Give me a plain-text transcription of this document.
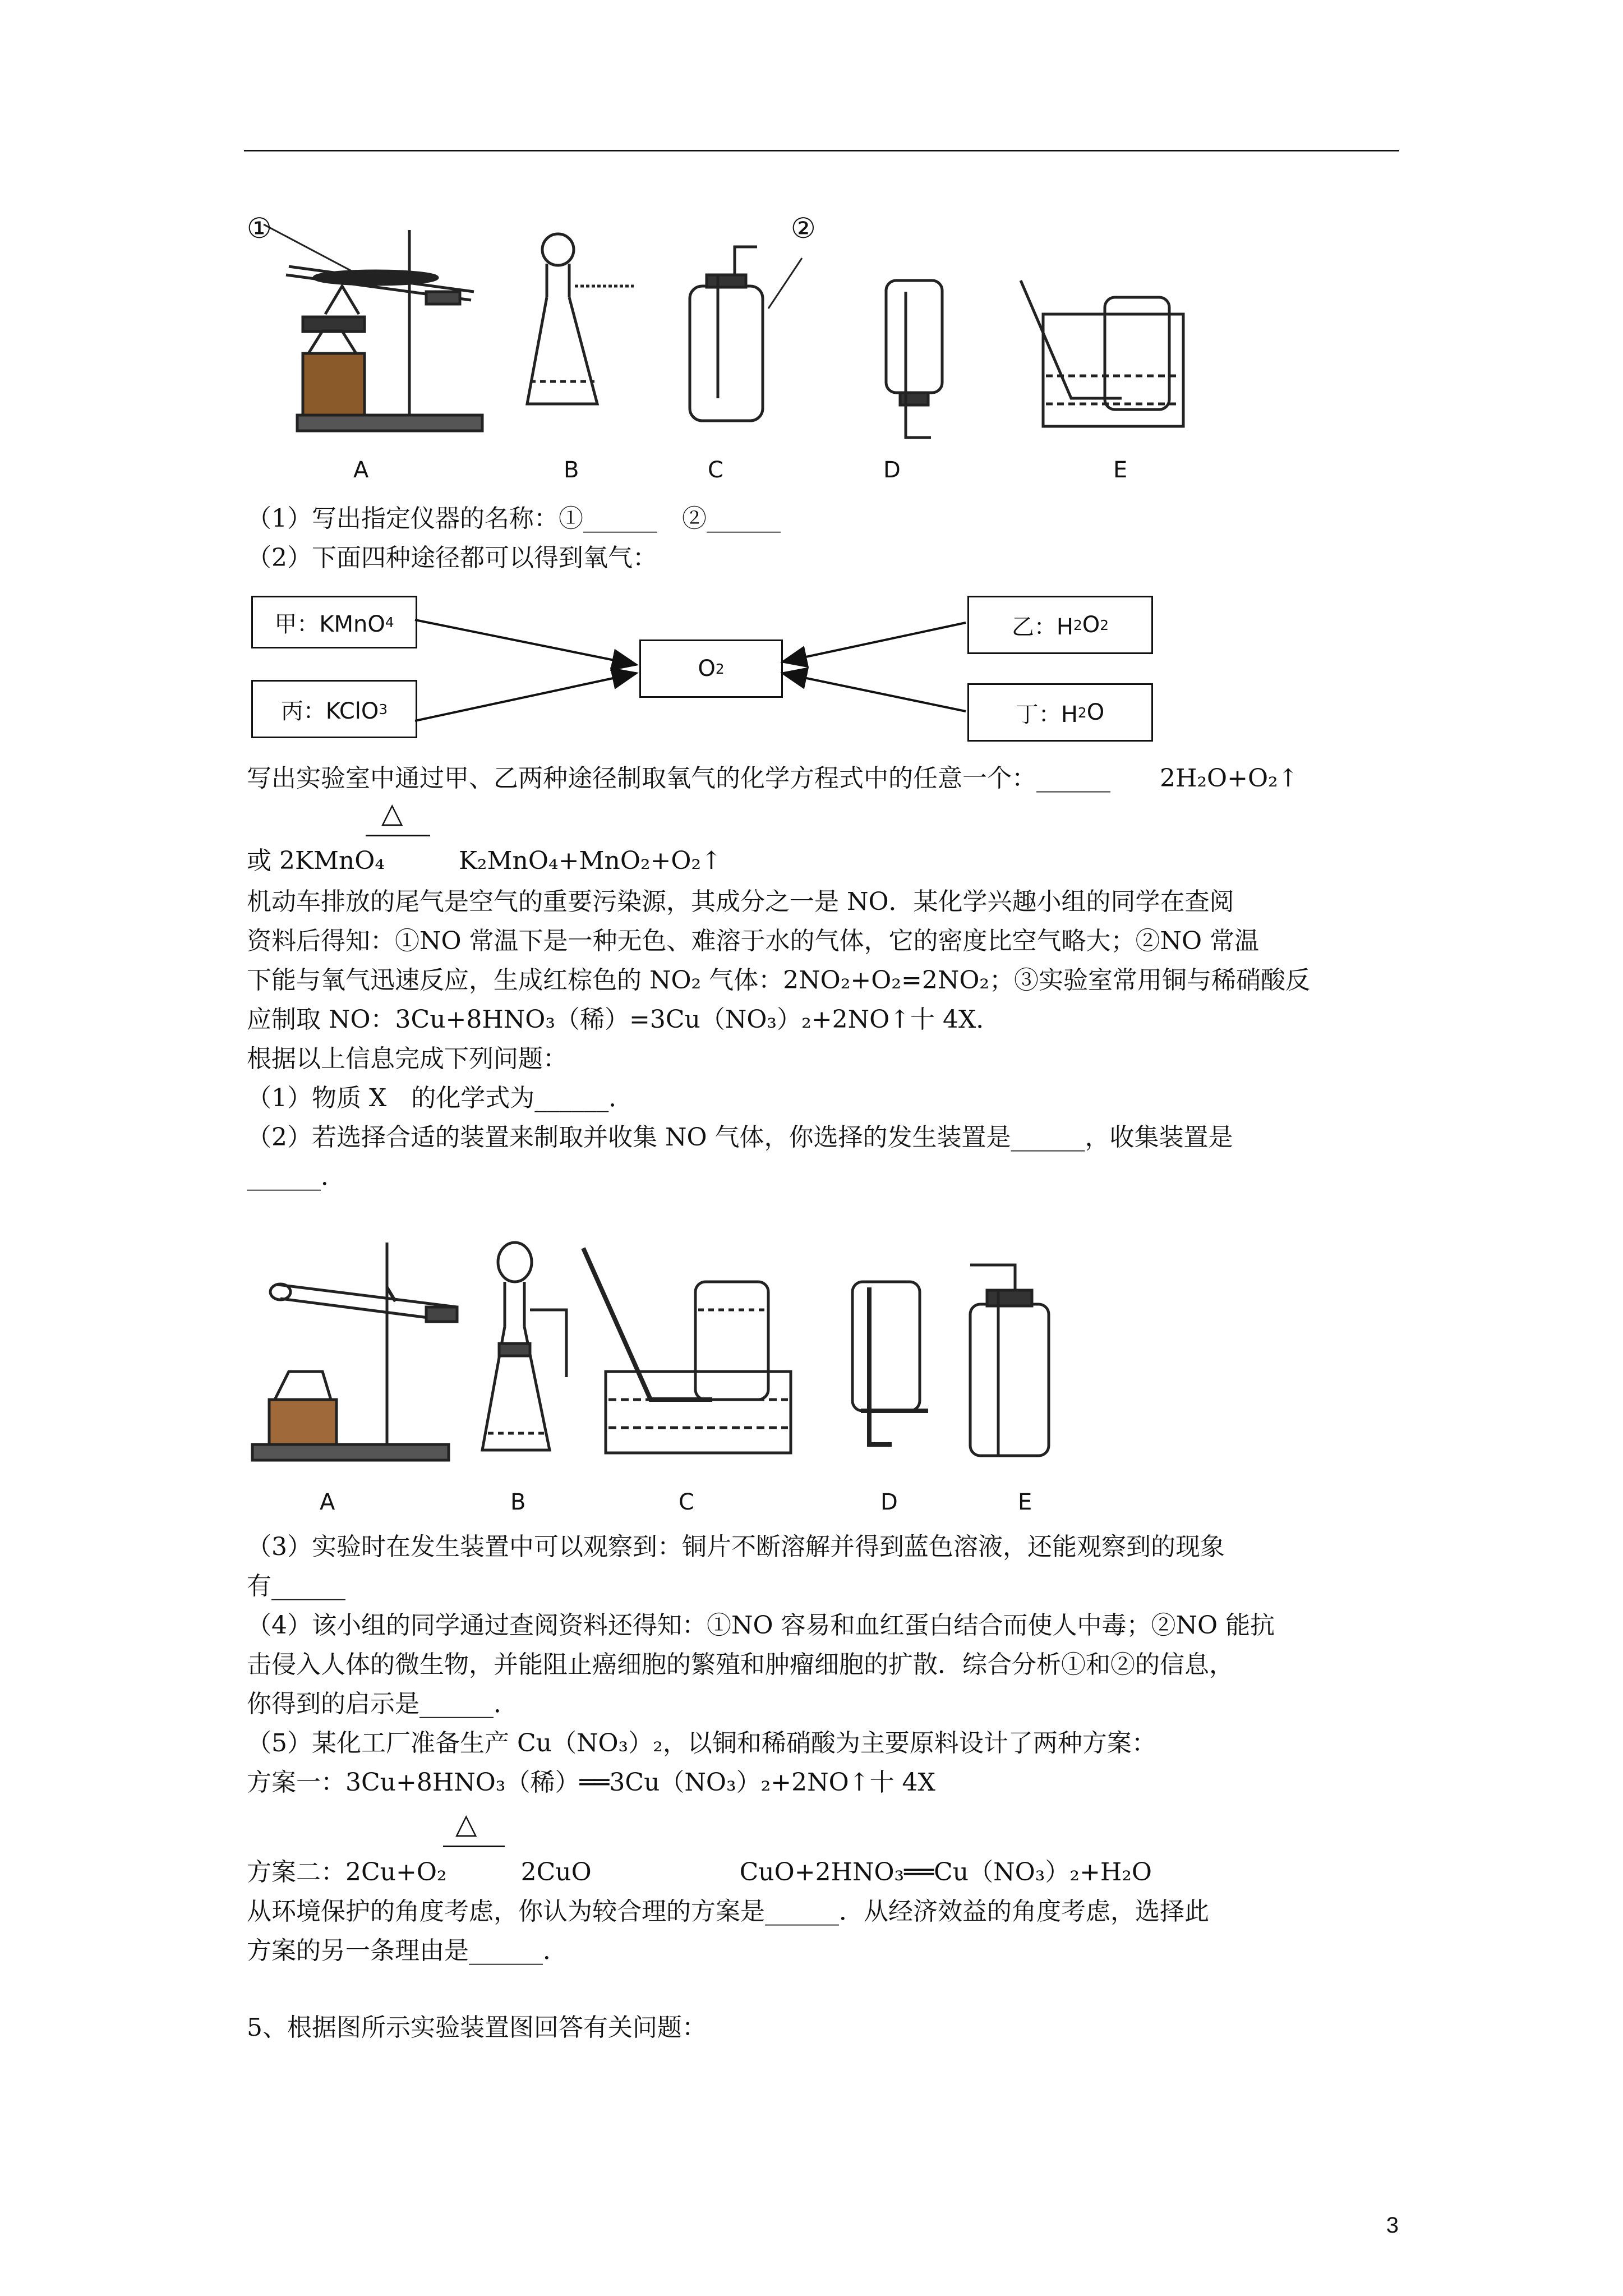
①	②
A	B	C	D	E
（1）写出指定仪器的名称：①______　②______
（2）下面四种途径都可以得到氧气：
甲：KMnO 4
丙：KClO 3
O 2
乙：H 2 O 2
丁：H 2 O
写出实验室中通过甲、乙两种途径制取氧气的化学方程式中的任意一个：______　　2H₂O+O₂↑
△
或 2KMnO₄　　　K₂MnO₄+MnO₂+O₂↑
机动车排放的尾气是空气的重要污染源，其成分之一是 NO．某化学兴趣小组的同学在查阅
资料后得知：①NO 常温下是一种无色、难溶于水的气体，它的密度比空气略大；②NO 常温
下能与氧气迅速反应，生成红棕色的 NO₂ 气体：2NO₂+O₂=2NO₂；③实验室常用铜与稀硝酸反
应制取 NO：3Cu+8HNO₃（稀）=3Cu（NO₃）₂+2NO↑十 4X．
根据以上信息完成下列问题：
（1）物质 X　的化学式为______．
（2）若选择合适的装置来制取并收集 NO 气体，你选择的发生装置是______，收集装置是
______．
A	B	C	D	E
（3）实验时在发生装置中可以观察到：铜片不断溶解并得到蓝色溶液，还能观察到的现象
有______
（4）该小组的同学通过查阅资料还得知：①NO 容易和血红蛋白结合而使人中毒；②NO 能抗
击侵入人体的微生物，并能阻止癌细胞的繁殖和肿瘤细胞的扩散．综合分析①和②的信息，
你得到的启示是______．
（5）某化工厂准备生产 Cu（NO₃）₂，以铜和稀硝酸为主要原料设计了两种方案：
方案一：3Cu+8HNO₃（稀）══3Cu（NO₃）₂+2NO↑十 4X
△
方案二：2Cu+O₂　　　2CuO　　　　　　CuO+2HNO₃══Cu（NO₃）₂+H₂O
从环境保护的角度考虑，你认为较合理的方案是______．从经济效益的角度考虑，选择此
方案的另一条理由是______．
5、根据图所示实验装置图回答有关问题：
3
